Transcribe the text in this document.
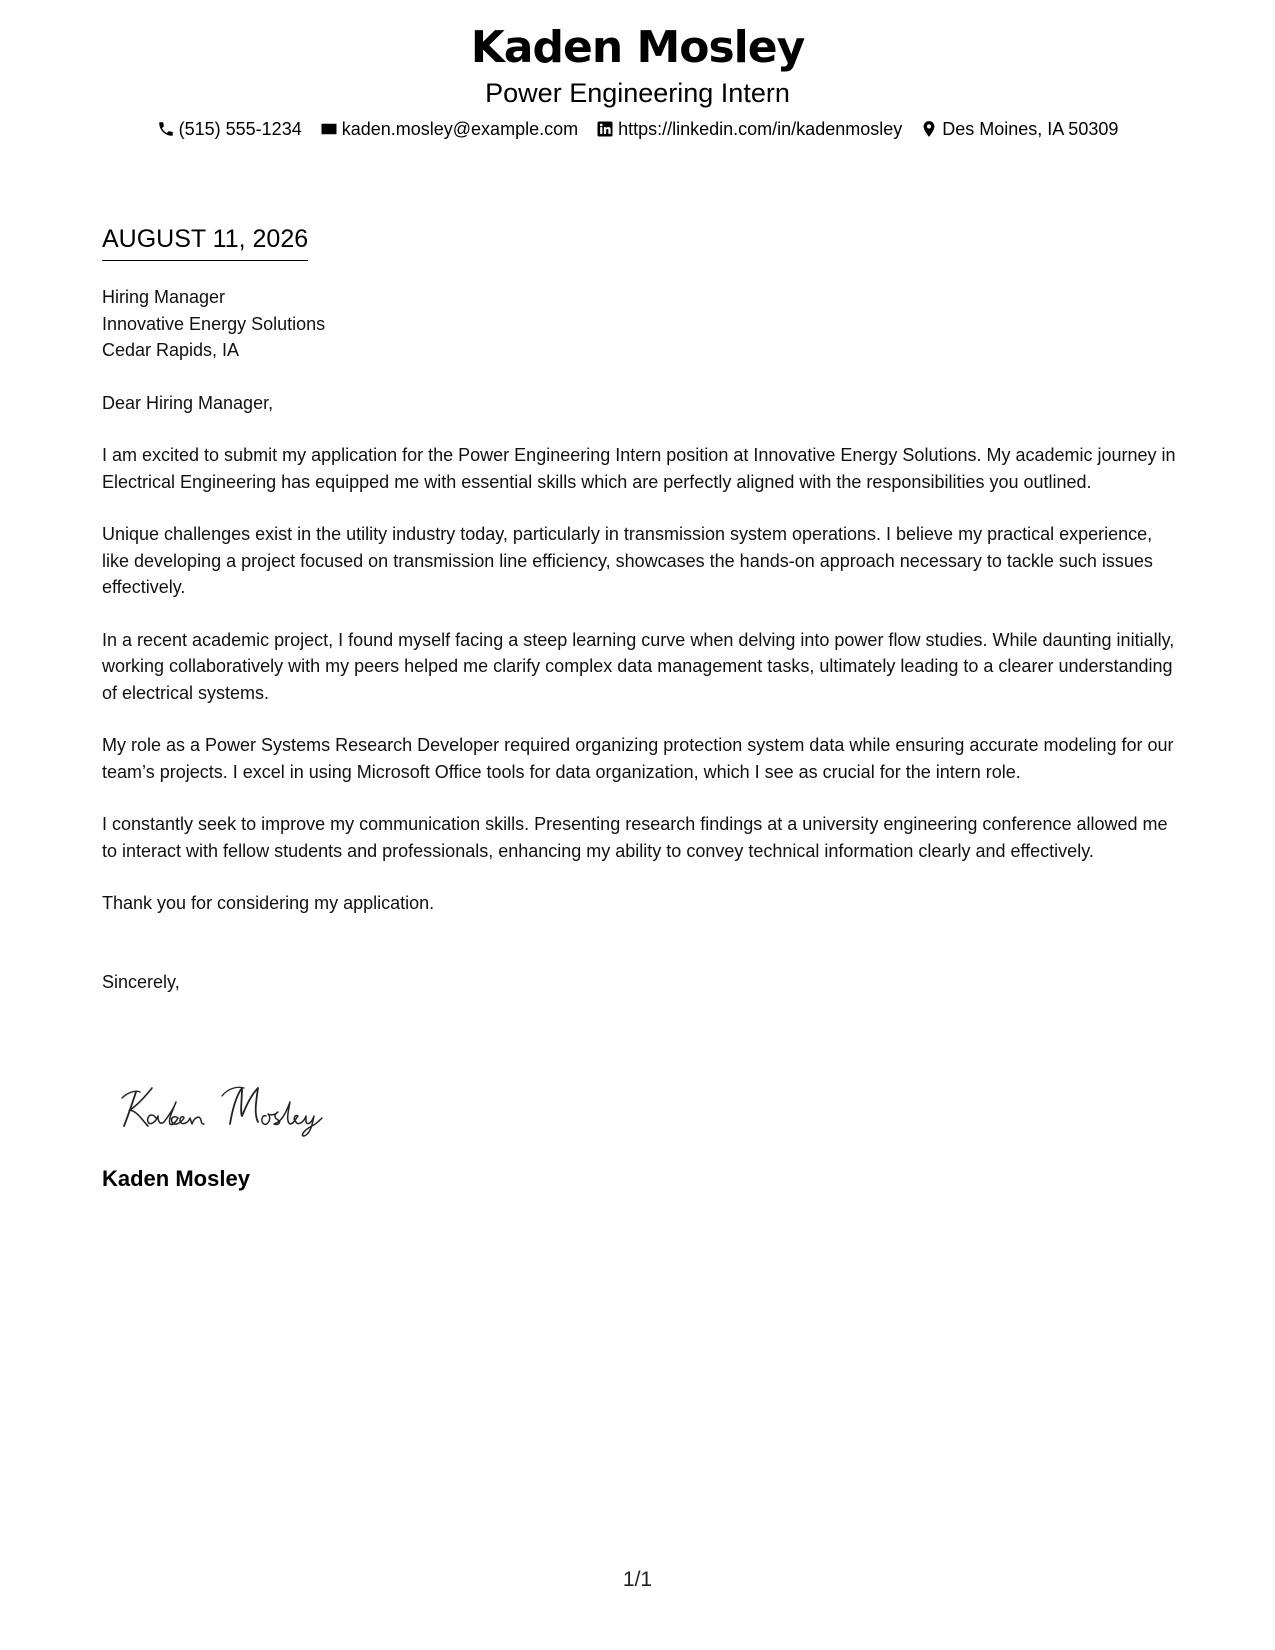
Kaden Mosley
Power Engineering Intern
(515) 555-1234 kaden.mosley@example.com https://linkedin.com/in/kadenmosley Des Moines, IA 50309
AUGUST 11, 2026
Hiring Manager
Innovative Energy Solutions
Cedar Rapids, IA

Dear Hiring Manager,

I am excited to submit my application for the Power Engineering Intern position at Innovative Energy Solutions. My academic journey in Electrical Engineering has equipped me with essential skills which are perfectly aligned with the responsibilities you outlined.

Unique challenges exist in the utility industry today, particularly in transmission system operations. I believe my practical experience, like developing a project focused on transmission line efficiency, showcases the hands-on approach necessary to tackle such issues effectively.

In a recent academic project, I found myself facing a steep learning curve when delving into power flow studies. While daunting initially, working collaboratively with my peers helped me clarify complex data management tasks, ultimately leading to a clearer understanding of electrical systems.

My role as a Power Systems Research Developer required organizing protection system data while ensuring accurate modeling for our team’s projects. I excel in using Microsoft Office tools for data organization, which I see as crucial for the intern role.

I constantly seek to improve my communication skills. Presenting research findings at a university engineering conference allowed me to interact with fellow students and professionals, enhancing my ability to convey technical information clearly and effectively.

Thank you for considering my application.

Sincerely,

Kaden Mosley
1/1
